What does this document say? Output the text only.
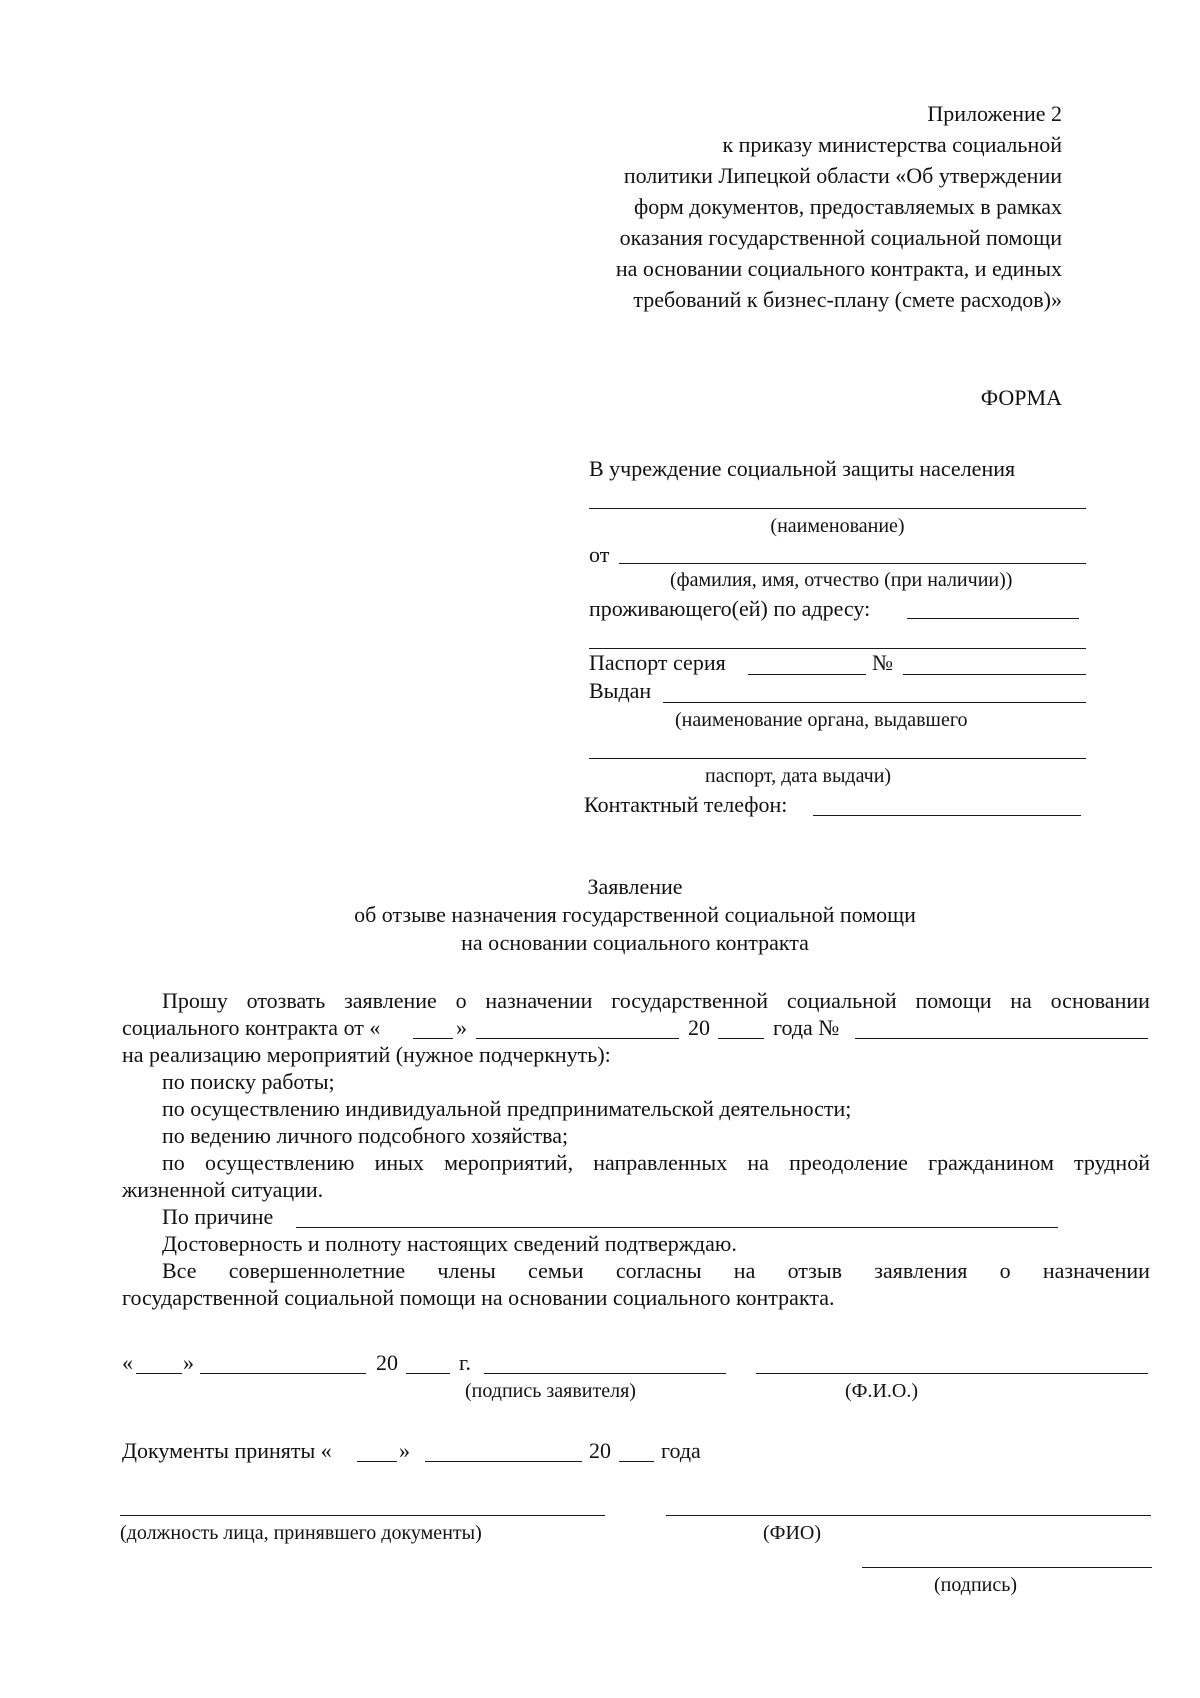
Приложение 2
к приказу министерства социальной
политики Липецкой области «Об утверждении
форм документов, предоставляемых в рамках
оказания государственной социальной помощи
на основании социального контракта, и единых
требований к бизнес-плану (смете расходов)»
ФОРМА
В учреждение социальной защиты населения
(наименование)
от
(фамилия, имя, отчество (при наличии))
проживающего(ей) по адресу:
Паспорт серия	№
Выдан
(наименование органа, выдавшего
паспорт, дата выдачи)
Контактный телефон:
Заявление
об отзыве назначения государственной социальной помощи
на основании социального контракта
Прошу отозвать заявление о назначении государственной социальной помощи на основании
социального контракта от «	»	20	года №
на реализацию мероприятий (нужное подчеркнуть):
по поиску работы;
по осуществлению индивидуальной предпринимательской деятельности;
по ведению личного подсобного хозяйства;
по осуществлению иных мероприятий, направленных на преодоление гражданином трудной
жизненной ситуации.
По причине
Достоверность и полноту настоящих сведений подтверждаю.
Все совершеннолетние члены семьи согласны на отзыв заявления о назначении
государственной социальной помощи на основании социального контракта.
« »	20	г.
(подпись заявителя)	(Ф.И.О.)
Документы приняты «	»	20 года
(должность лица, принявшего документы)	(ФИО)
(подпись)
